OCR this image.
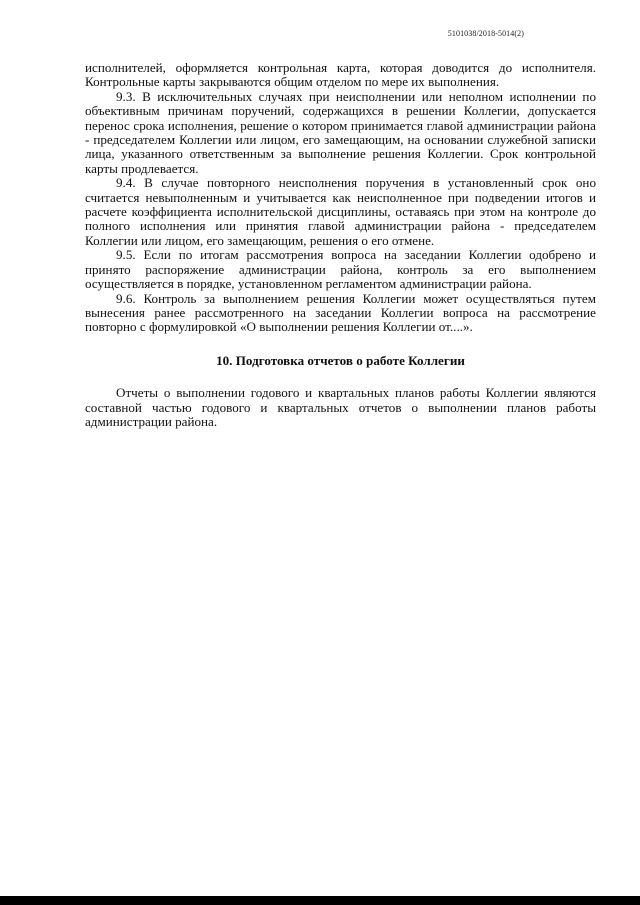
5101038/2018-5014(2)

исполнителей, оформляется контрольная карта, которая доводится до исполнителя. Контрольные карты закрываются общим отделом по мере их выполнения.

9.3. В исключительных случаях при неисполнении или неполном исполнении по объективным причинам поручений, содержащихся в решении Коллегии, допускается перенос срока исполнения, решение о котором принимается главой администрации района - председателем Коллегии или лицом, его замещающим, на основании служебной записки лица, указанного ответственным за выполнение решения Коллегии. Срок контрольной карты продлевается.

9.4. В случае повторного неисполнения поручения в установленный срок оно считается невыполненным и учитывается как неисполненное при подведении итогов и расчете коэффициента исполнительской дисциплины, оставаясь при этом на контроле до полного исполнения или принятия главой администрации района - председателем Коллегии или лицом, его замещающим, решения о его отмене.

9.5. Если по итогам рассмотрения вопроса на заседании Коллегии одобрено и принято распоряжение администрации района, контроль за его выполнением осуществляется в порядке, установленном регламентом администрации района.

9.6. Контроль за выполнением решения Коллегии может осуществляться путем вынесения ранее рассмотренного на заседании Коллегии вопроса на рассмотрение повторно с формулировкой «О выполнении решения Коллегии от....».

10. Подготовка отчетов о работе Коллегии

Отчеты о выполнении годового и квартальных планов работы Коллегии являются составной частью годового и квартальных отчетов о выполнении планов работы администрации района.
